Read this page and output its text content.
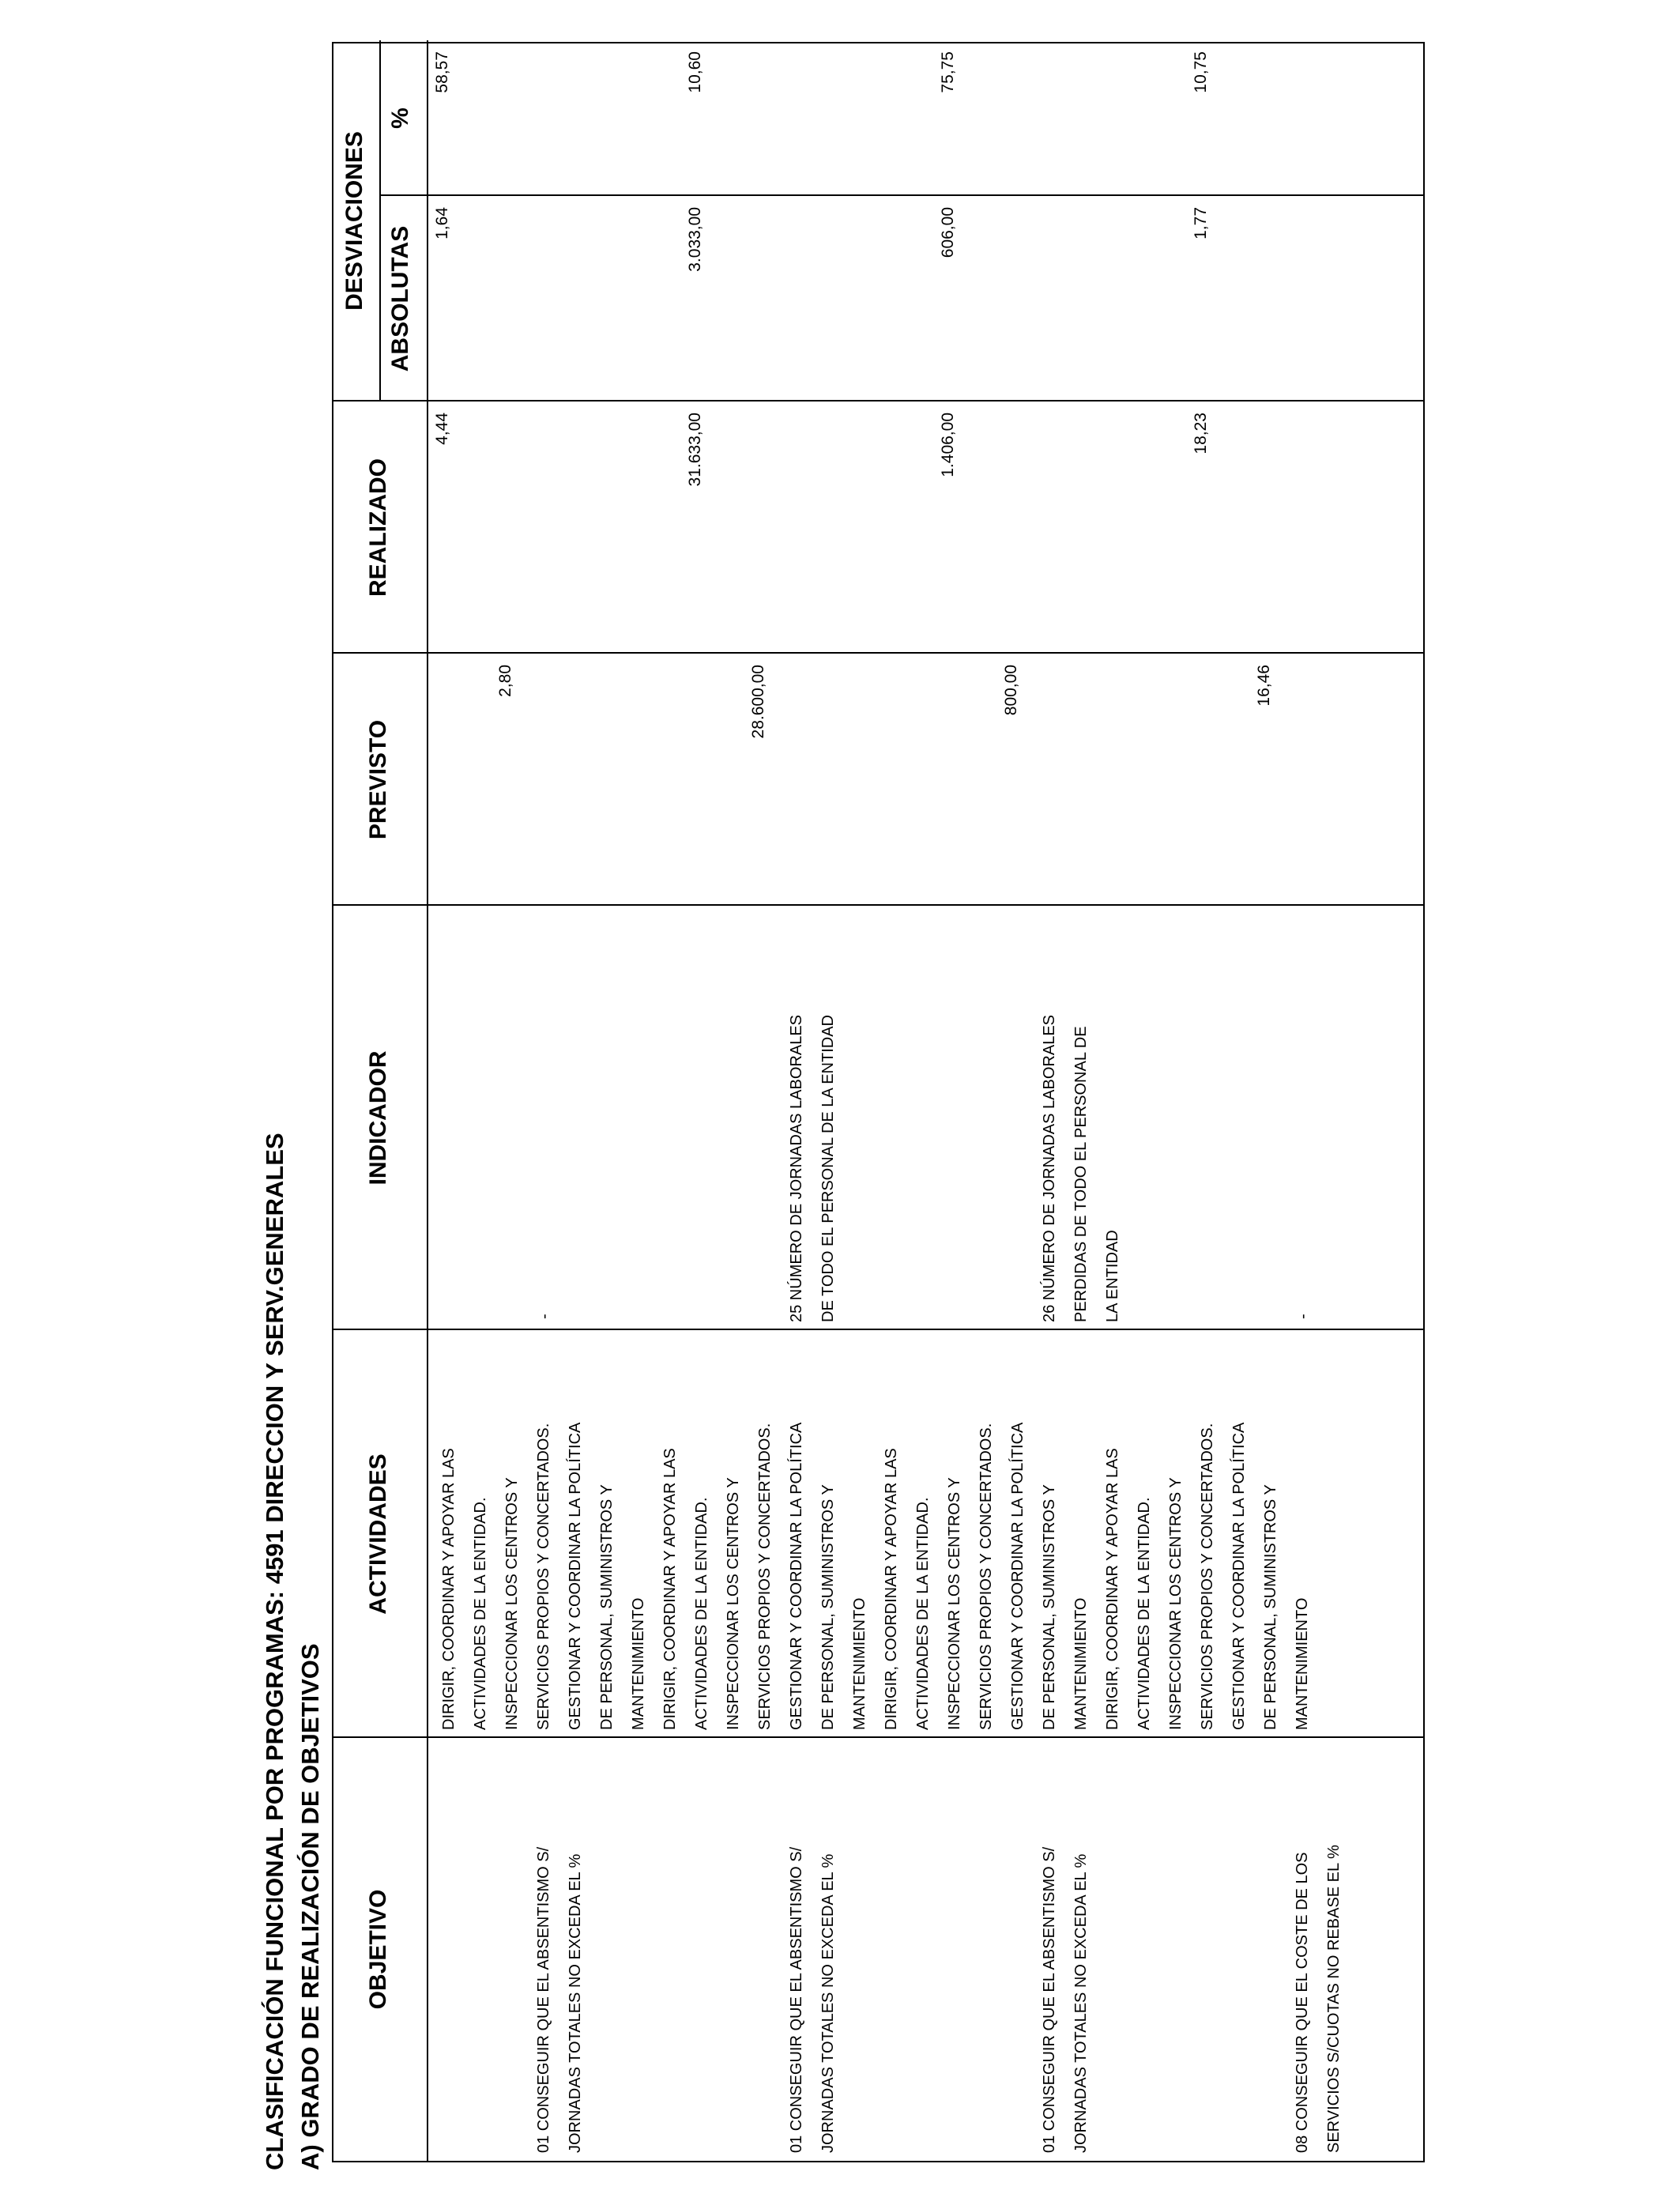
CLASIFICACIÓN FUNCIONAL POR PROGRAMAS: 4591 DIRECCION Y SERV.GENERALES A) GRADO DE REALIZACIÓN DE OBJETIVOS OBJETIVO
ACTIVIDADES
INDICADOR
PREVISTO
REALIZADO
DESVIACIONES ABSOLUTAS
%
DIRIGIR, COORDINAR Y APOYAR LAS ACTIVIDADES DE LA ENTIDAD. INSPECCIONAR LOS CENTROS Y SERVICIOS PROPIOS Y CONCERTADOS. GESTIONAR Y COORDINAR LA POLÍTICA DE PERSONAL, SUMINISTROS Y MANTENIMIENTO DIRIGIR, COORDINAR Y APOYAR LAS ACTIVIDADES DE LA ENTIDAD. INSPECCIONAR LOS CENTROS Y SERVICIOS PROPIOS Y CONCERTADOS. GESTIONAR Y COORDINAR LA POLÍTICA DE PERSONAL, SUMINISTROS Y MANTENIMIENTO DIRIGIR, COORDINAR Y APOYAR LAS ACTIVIDADES DE LA ENTIDAD. INSPECCIONAR LOS CENTROS Y SERVICIOS PROPIOS Y CONCERTADOS. GESTIONAR Y COORDINAR LA POLÍTICA DE PERSONAL, SUMINISTROS Y MANTENIMIENTO DIRIGIR, COORDINAR Y APOYAR LAS ACTIVIDADES DE LA ENTIDAD. INSPECCIONAR LOS CENTROS Y SERVICIOS PROPIOS Y CONCERTADOS. GESTIONAR Y COORDINAR LA POLÍTICA DE PERSONAL, SUMINISTROS Y MANTENIMIENTO
01 CONSEGUIR QUE EL ABSENTISMO S/ JORNADAS TOTALES NO EXCEDA EL %
-
2,80
4,44
1,64
58,57
01 CONSEGUIR QUE EL ABSENTISMO S/ JORNADAS TOTALES NO EXCEDA EL %
25 NÚMERO DE JORNADAS LABORALES DE TODO EL PERSONAL DE LA ENTIDAD
28.600,00
31.633,00
3.033,00
10,60
01 CONSEGUIR QUE EL ABSENTISMO S/ JORNADAS TOTALES NO EXCEDA EL %
26 NÚMERO DE JORNADAS LABORALES PERDIDAS DE TODO EL PERSONAL DE LA ENTIDAD
800,00
1.406,00
606,00
75,75
08 CONSEGUIR QUE EL COSTE DE LOS SERVICIOS S/CUOTAS NO REBASE EL %
-
16,46
18,23
1,77
10,75
